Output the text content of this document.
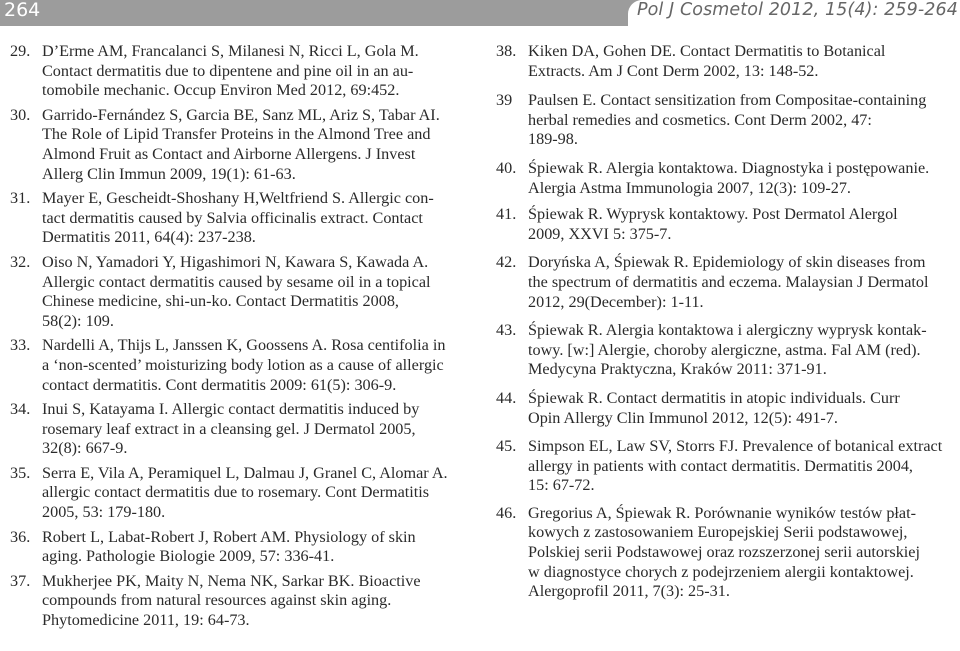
264	Pol J Cosmetol 2012, 15(4): 259-264
29. D’Erme AM, Francalanci S, Milanesi N, Ricci L, Gola M.
Contact dermatitis due to dipentene and pine oil in an au-
tomobile mechanic. Occup Environ Med 2012, 69:452.
30. Garrido-Fernández S, Garcia BE, Sanz ML, Ariz S, Tabar AI.
The Role of Lipid Transfer Proteins in the Almond Tree and
Almond Fruit as Contact and Airborne Allergens. J Invest
Allerg Clin Immun 2009, 19(1): 61-63.
31. Mayer E, Gescheidt-Shoshany H,Weltfriend S. Allergic con-
tact dermatitis caused by Salvia officinalis extract. Contact
Dermatitis 2011, 64(4): 237-238.
32. Oiso N, Yamadori Y, Higashimori N, Kawara S, Kawada A.
Allergic contact dermatitis caused by sesame oil in a topical
Chinese medicine, shi-un-ko. Contact Dermatitis 2008,
58(2): 109.
33. Nardelli A, Thijs L, Janssen K, Goossens A. Rosa centifolia in
a ‘non-scented’ moisturizing body lotion as a cause of allergic
contact dermatitis. Cont dermatitis 2009: 61(5): 306-9.
34. Inui S, Katayama I. Allergic contact dermatitis induced by
rosemary leaf extract in a cleansing gel. J Dermatol 2005,
32(8): 667-9.
35. Serra E, Vila A, Peramiquel L, Dalmau J, Granel C, Alomar A.
allergic contact dermatitis due to rosemary. Cont Dermatitis
2005, 53: 179-180.
36. Robert L, Labat-Robert J, Robert AM. Physiology of skin
aging. Pathologie Biologie 2009, 57: 336-41.
37. Mukherjee PK, Maity N, Nema NK, Sarkar BK. Bioactive
compounds from natural resources against skin aging.
Phytomedicine 2011, 19: 64-73.
38. Kiken DA, Gohen DE. Contact Dermatitis to Botanical
Extracts. Am J Cont Derm 2002, 13: 148-52.
39 Paulsen E. Contact sensitization from Compositae-containing
herbal remedies and cosmetics. Cont Derm 2002, 47:
189-98.
40. Śpiewak R. Alergia kontaktowa. Diagnostyka i postępowanie.
Alergia Astma Immunologia 2007, 12(3): 109-27.
41. Śpiewak R. Wyprysk kontaktowy. Post Dermatol Alergol
2009, XXVI 5: 375-7.
42. Doryńska A, Śpiewak R. Epidemiology of skin diseases from
the spectrum of dermatitis and eczema. Malaysian J Dermatol
2012, 29(December): 1-11.
43. Śpiewak R. Alergia kontaktowa i alergiczny wyprysk kontak-
towy. [w:] Alergie, choroby alergiczne, astma. Fal AM (red).
Medycyna Praktyczna, Kraków 2011: 371-91.
44. Śpiewak R. Contact dermatitis in atopic individuals. Curr
Opin Allergy Clin Immunol 2012, 12(5): 491-7.
45. Simpson EL, Law SV, Storrs FJ. Prevalence of botanical extract
allergy in patients with contact dermatitis. Dermatitis 2004,
15: 67-72.
46. Gregorius A, Śpiewak R. Porównanie wyników testów płat-
kowych z zastosowaniem Europejskiej Serii podstawowej,
Polskiej serii Podstawowej oraz rozszerzonej serii autorskiej
w diagnostyce chorych z podejrzeniem alergii kontaktowej.
Alergoprofil 2011, 7(3): 25-31.
